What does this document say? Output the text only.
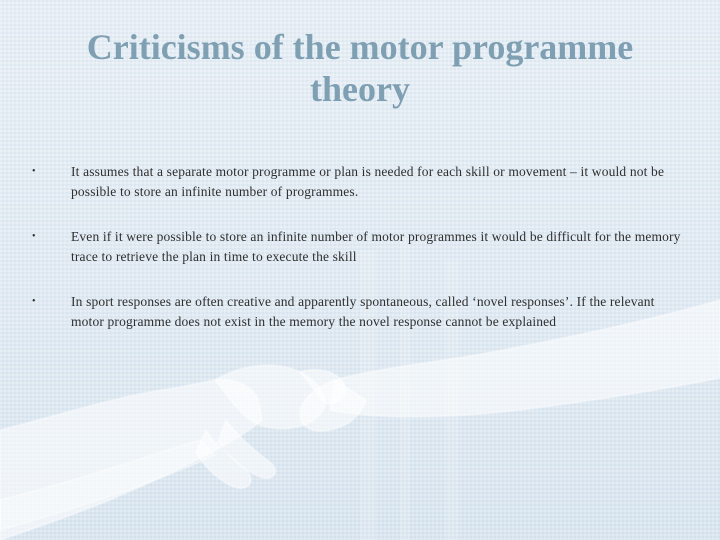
Criticisms of the motor programme theory
•	It assumes that a separate motor programme or plan is needed for each skill or movement – it would not be possible to store an infinite number of programmes.
•	Even if it were possible to store an infinite number of motor programmes it would be difficult for the memory trace to retrieve the plan in time to execute the skill
•	In sport responses are often creative and apparently spontaneous, called ‘novel responses’. If the relevant motor programme does not exist in the memory the novel response cannot be explained
